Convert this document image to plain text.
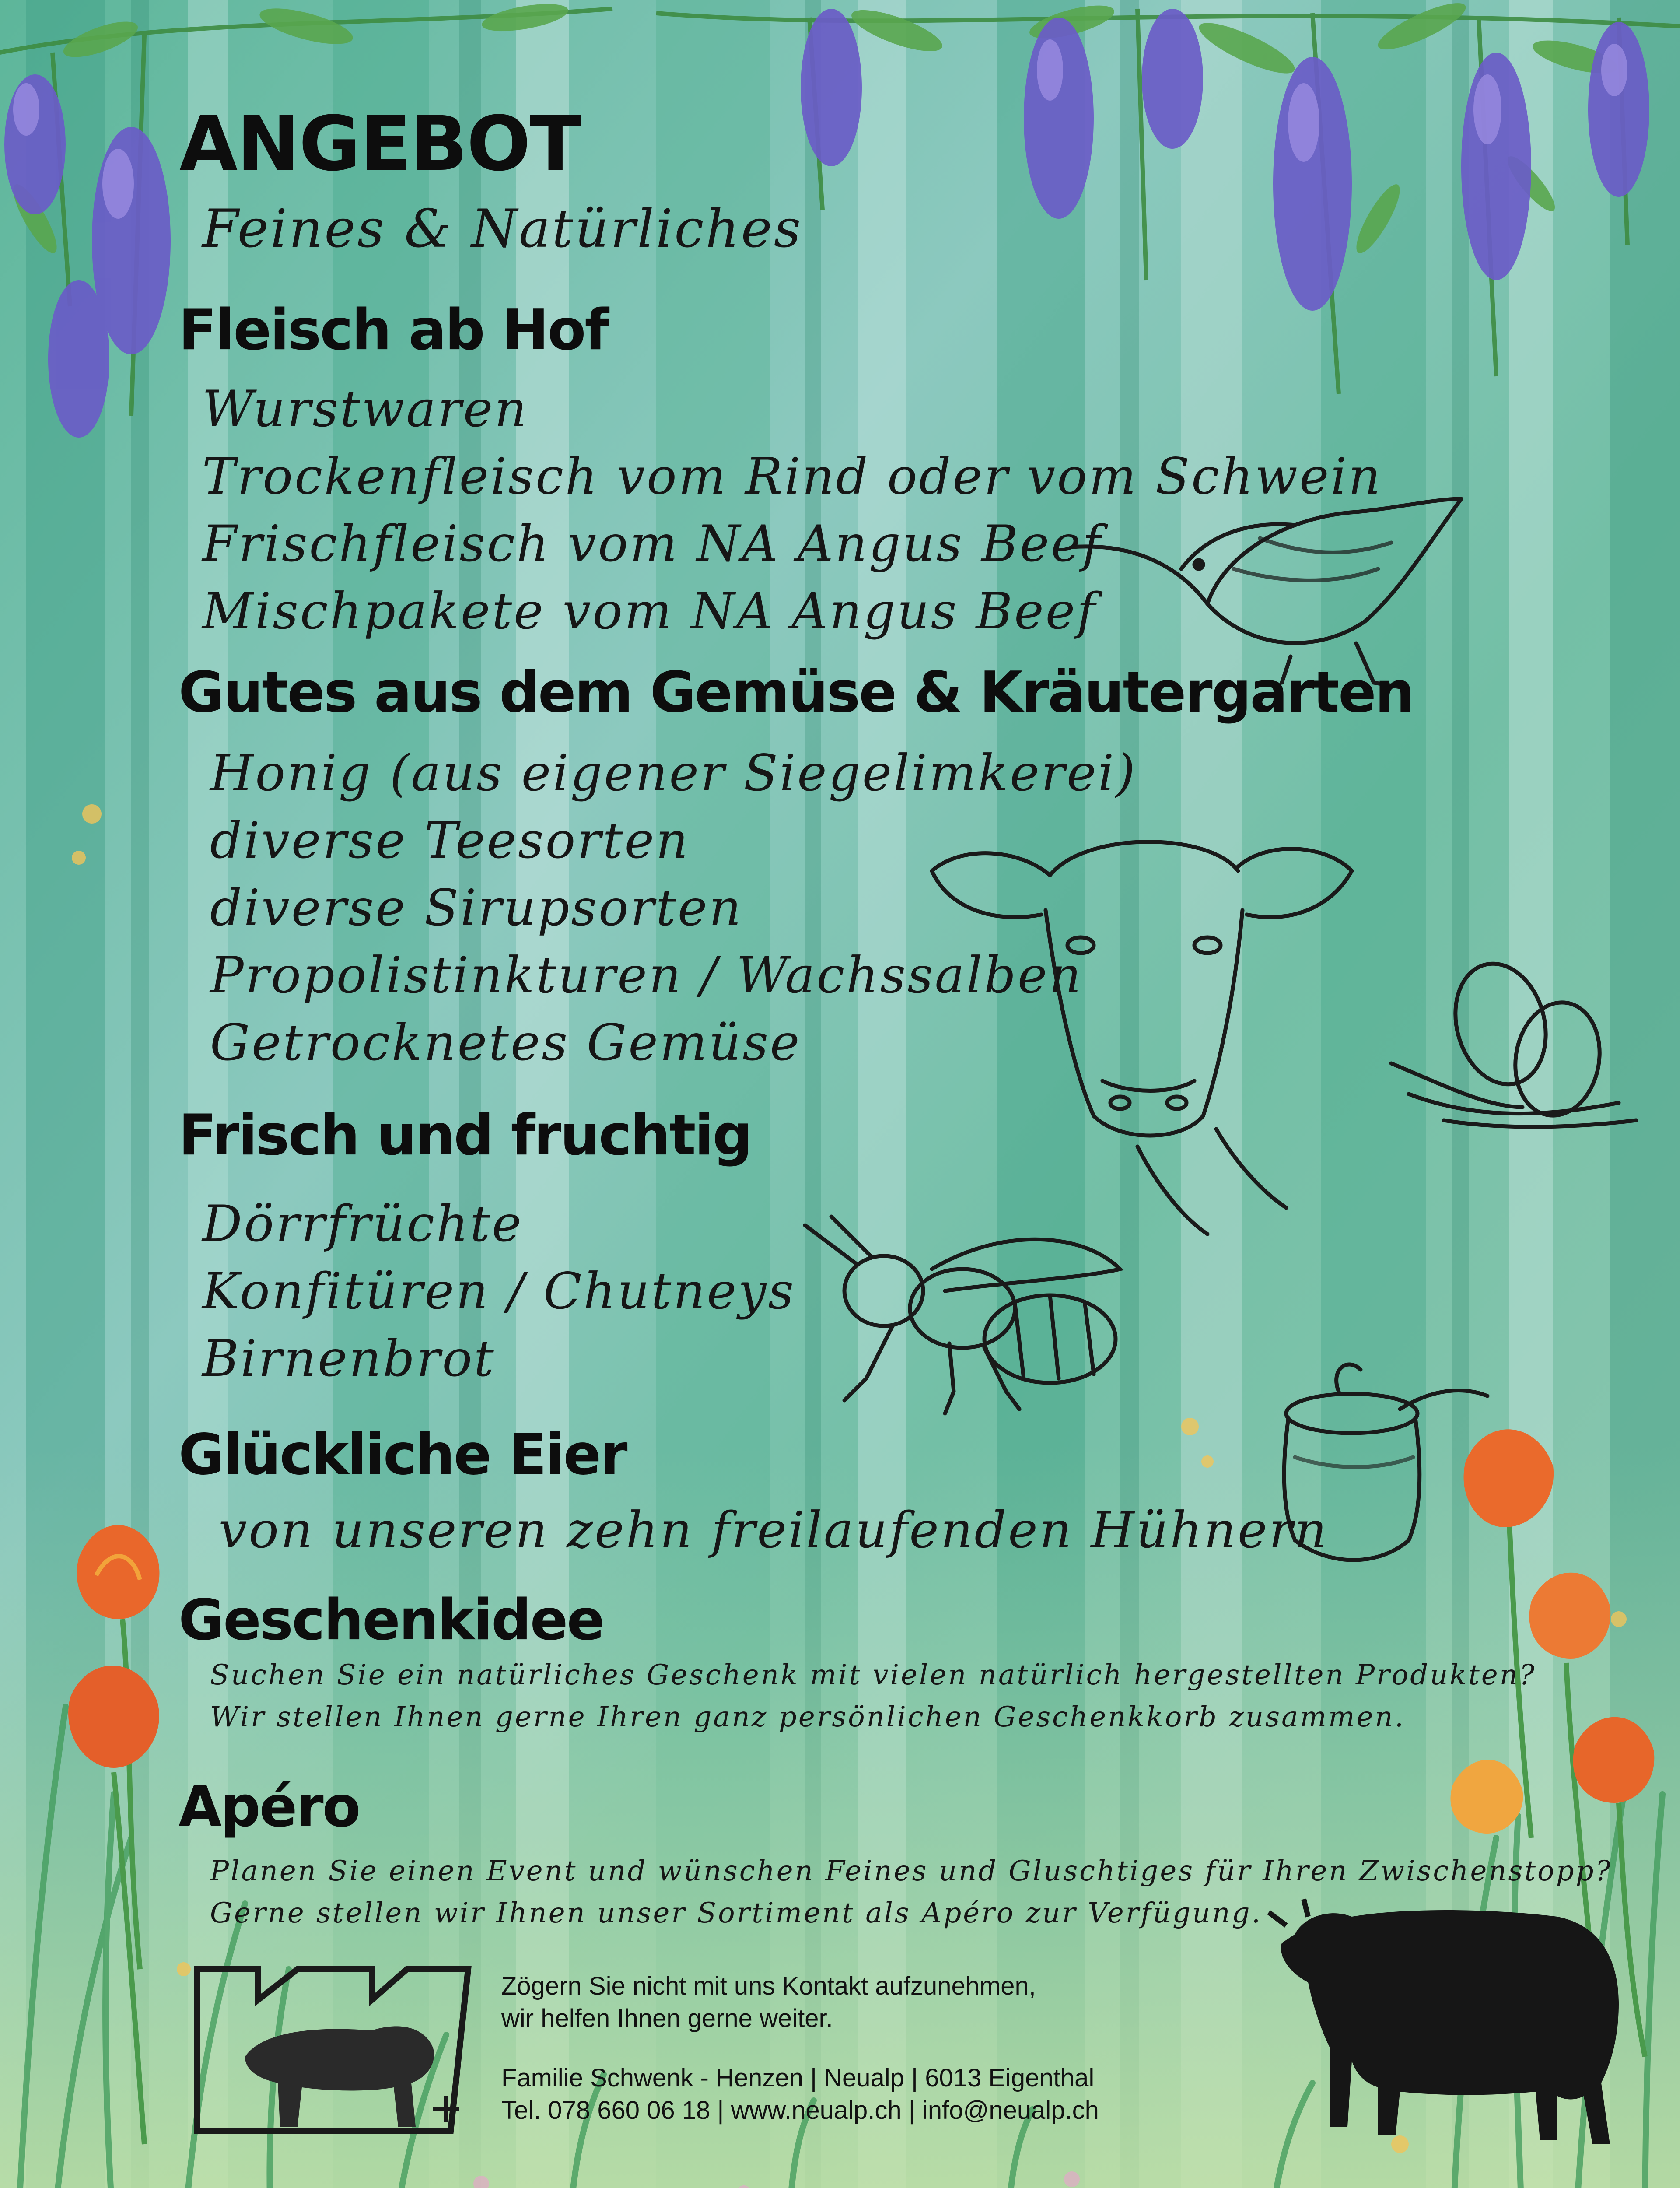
ANGEBOT
Feines & Natürliches
Fleisch ab Hof
Wurstwaren
Trockenfleisch vom Rind oder vom Schwein
Frischfleisch vom NA Angus Beef
Mischpakete vom NA Angus Beef
Gutes aus dem Gemüse & Kräutergarten
Honig (aus eigener Siegelimkerei)
diverse Teesorten
diverse Sirupsorten
Propolistinkturen / Wachssalben
Getrocknetes Gemüse
Frisch und fruchtig
Dörrfrüchte
Konfitüren / Chutneys
Birnenbrot
Glückliche Eier
von unseren zehn freilaufenden Hühnern
Geschenkidee
Suchen Sie ein natürliches Geschenk mit vielen natürlich hergestellten Produkten?
Wir stellen Ihnen gerne Ihren ganz persönlichen Geschenkkorb zusammen.
Apéro
Planen Sie einen Event und wünschen Feines und Gluschtiges für Ihren Zwischenstopp?
Gerne stellen wir Ihnen unser Sortiment als Apéro zur Verfügung.
Zögern Sie nicht mit uns Kontakt aufzunehmen,
wir helfen Ihnen gerne weiter.
Familie Schwenk - Henzen | Neualp | 6013 Eigenthal
Tel. 078 660 06 18 | www.neualp.ch | info@neualp.ch
